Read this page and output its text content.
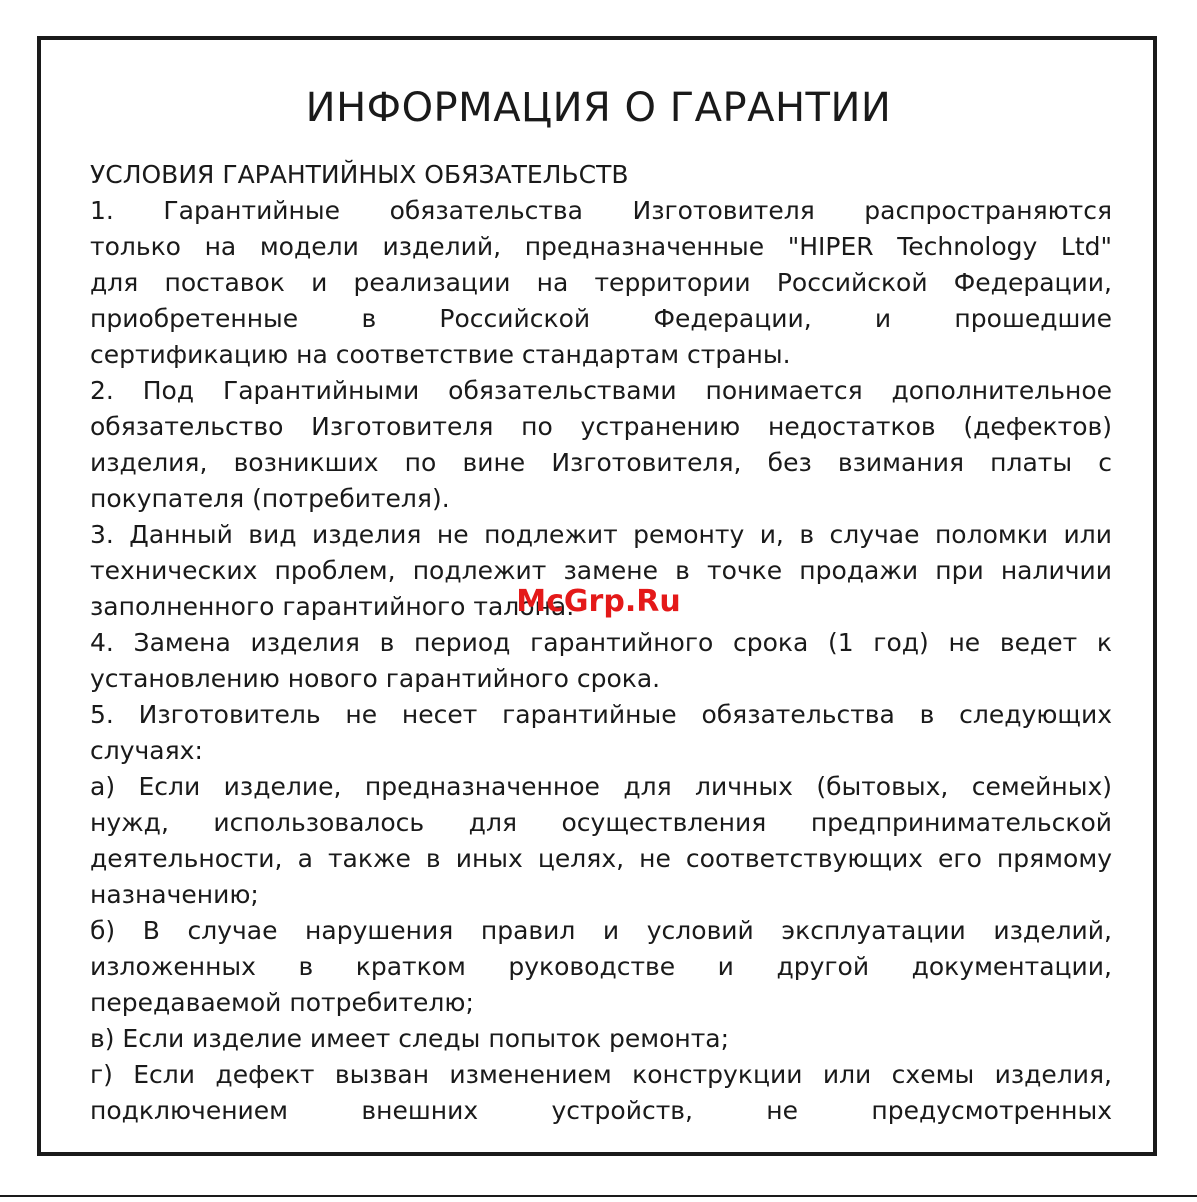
ИНФОРМАЦИЯ О ГАРАНТИИ
УСЛОВИЯ ГАРАНТИЙНЫХ ОБЯЗАТЕЛЬСТВ
1. Гарантийные обязательства Изготовителя распространяются
только на модели изделий, предназначенные "HIPER Technology Ltd"
для поставок и реализации на территории Российской Федерации,
приобретенные в Российской Федерации, и прошедшие
сертификацию на соответствие стандартам страны.
2. Под Гарантийными обязательствами понимается дополнительное
обязательство Изготовителя по устранению недостатков (дефектов)
изделия, возникших по вине Изготовителя, без взимания платы с
покупателя (потребителя).
3. Данный вид изделия не подлежит ремонту и, в случае поломки или
технических проблем, подлежит замене в точке продажи при наличии
заполненного гарантийного талона.
4. Замена изделия в период гарантийного срока (1 год) не ведет к
установлению нового гарантийного срока.
5. Изготовитель не несет гарантийные обязательства в следующих
случаях:
а) Если изделие, предназначенное для личных (бытовых, семейных)
нужд, использовалось для осуществления предпринимательской
деятельности, а также в иных целях, не соответствующих его прямому
назначению;
б) В случае нарушения правил и условий эксплуатации изделий,
изложенных в кратком руководстве и другой документации,
передаваемой потребителю;
в) Если изделие имеет следы попыток ремонта;
г) Если дефект вызван изменением конструкции или схемы изделия,
подключением внешних устройств, не предусмотренных
McGrp.Ru
